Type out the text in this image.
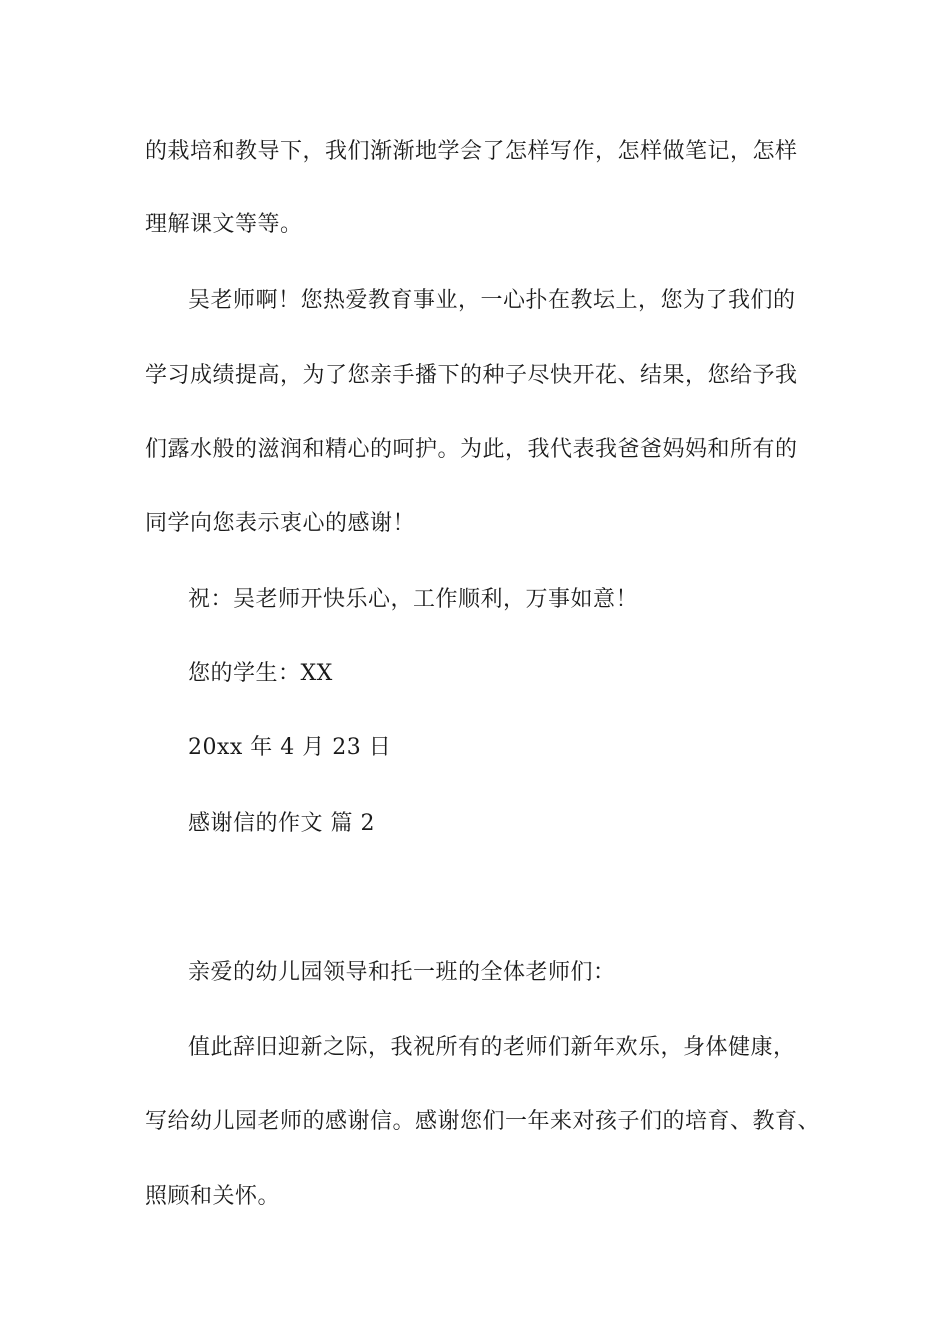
的栽培和教导下，我们渐渐地学会了怎样写作，怎样做笔记，怎样
理解课文等等。
吴老师啊！您热爱教育事业，一心扑在教坛上，您为了我们的
学习成绩提高，为了您亲手播下的种子尽快开花、结果，您给予我
们露水般的滋润和精心的呵护。为此，我代表我爸爸妈妈和所有的
同学向您表示衷心的感谢！
祝：吴老师开快乐心，工作顺利，万事如意！
您的学生：XX
20xx 年 4 月 23 日
感谢信的作文 篇 2
亲爱的幼儿园领导和托一班的全体老师们：
值此辞旧迎新之际，我祝所有的老师们新年欢乐，身体健康，
写给幼儿园老师的感谢信。感谢您们一年来对孩子们的培育、教育、
照顾和关怀。
